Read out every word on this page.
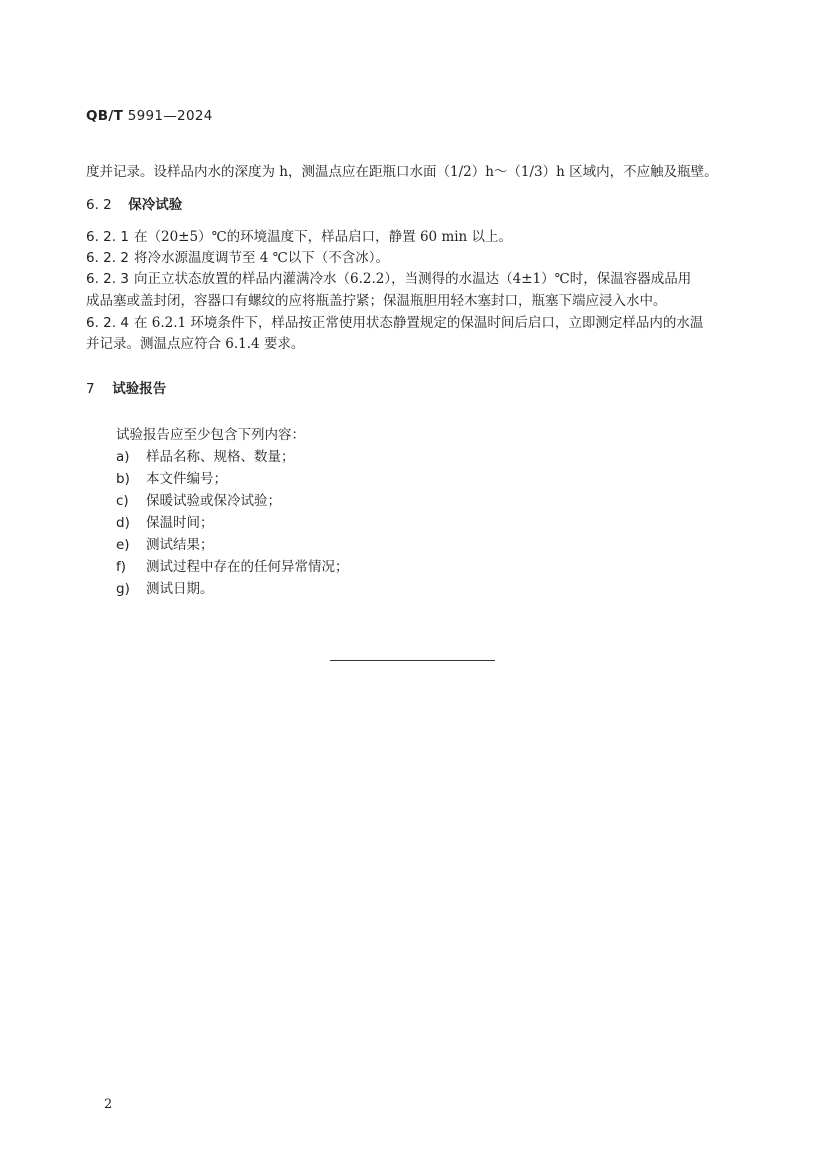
QB/T 5991—2024
度并记录。设样品内水的深度为 h，测温点应在距瓶口水面（1/2）h～（1/3）h 区域内，不应触及瓶壁。
6. 2 保冷试验
6. 2. 1 在（20±5）℃的环境温度下，样品启口，静置 60 min 以上。
6. 2. 2 将冷水源温度调节至 4 ℃以下（不含冰）。
6. 2. 3 向正立状态放置的样品内灌满冷水（6.2.2），当测得的水温达（4±1）℃时，保温容器成品用
成品塞或盖封闭，容器口有螺纹的应将瓶盖拧紧；保温瓶胆用轻木塞封口，瓶塞下端应浸入水中。
6. 2. 4 在 6.2.1 环境条件下，样品按正常使用状态静置规定的保温时间后启口，立即测定样品内的水温
并记录。测温点应符合 6.1.4 要求。
7 试验报告
试验报告应至少包含下列内容：
a) 样品名称、规格、数量；
b) 本文件编号；
c) 保暖试验或保冷试验；
d) 保温时间；
e) 测试结果；
f) 测试过程中存在的任何异常情况；
g) 测试日期。
2
